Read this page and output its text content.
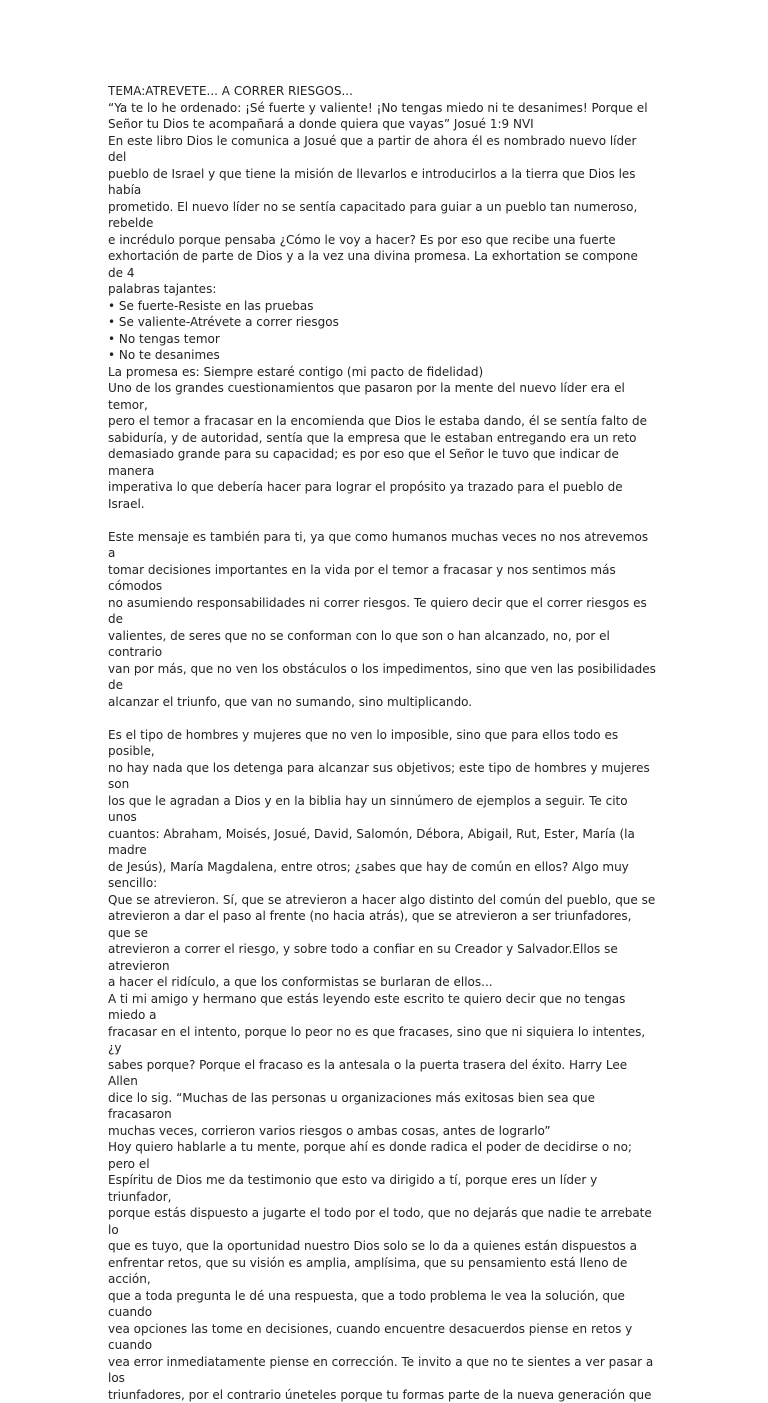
TEMA:ATREVETE... A CORRER RIESGOS...

“Ya te lo he ordenado: ¡Sé fuerte y valiente! ¡No tengas miedo ni te desanimes! Porque el

Señor tu Dios te acompañará a donde quiera que vayas” Josué 1:9 NVI

En este libro Dios le comunica a Josué que a partir de ahora él es nombrado nuevo líder del

pueblo de Israel y que tiene la misión de llevarlos e introducirlos a la tierra que Dios les había

prometido. El nuevo líder no se sentía capacitado para guiar a un pueblo tan numeroso, rebelde

e incrédulo porque pensaba ¿Cómo le voy a hacer? Es por eso que recibe una fuerte

exhortación de parte de Dios y a la vez una divina promesa. La exhortation se compone de 4

palabras tajantes:

• Se fuerte-Resiste en las pruebas

• Se valiente-Atrévete a correr riesgos

• No tengas temor

• No te desanimes

La promesa es: Siempre estaré contigo (mi pacto de fidelidad)

Uno de los grandes cuestionamientos que pasaron por la mente del nuevo líder era el temor,

pero el temor a fracasar en la encomienda que Dios le estaba dando, él se sentía falto de

sabiduría, y de autoridad, sentía que la empresa que le estaban entregando era un reto

demasiado grande para su capacidad; es por eso que el Señor le tuvo que indicar de manera

imperativa lo que debería hacer para lograr el propósito ya trazado para el pueblo de Israel.

Este mensaje es también para ti, ya que como humanos muchas veces no nos atrevemos a

tomar decisiones importantes en la vida por el temor a fracasar y nos sentimos más cómodos

no asumiendo responsabilidades ni correr riesgos. Te quiero decir que el correr riesgos es de

valientes, de seres que no se conforman con lo que son o han alcanzado, no, por el contrario

van por más, que no ven los obstáculos o los impedimentos, sino que ven las posibilidades de

alcanzar el triunfo, que van no sumando, sino multiplicando.

Es el tipo de hombres y mujeres que no ven lo imposible, sino que para ellos todo es posible,

no hay nada que los detenga para alcanzar sus objetivos; este tipo de hombres y mujeres son

los que le agradan a Dios y en la biblia hay un sinnúmero de ejemplos a seguir. Te cito unos

cuantos: Abraham, Moisés, Josué, David, Salomón, Débora, Abigail, Rut, Ester, María (la madre

de Jesús), María Magdalena, entre otros; ¿sabes que hay de común en ellos? Algo muy sencillo:

Que se atrevieron. Sí, que se atrevieron a hacer algo distinto del común del pueblo, que se

atrevieron a dar el paso al frente (no hacia atrás), que se atrevieron a ser triunfadores, que se

atrevieron a correr el riesgo, y sobre todo a confiar en su Creador y Salvador.Ellos se atrevieron

a hacer el ridículo, a que los conformistas se burlaran de ellos...

A ti mi amigo y hermano que estás leyendo este escrito te quiero decir que no tengas miedo a

fracasar en el intento, porque lo peor no es que fracases, sino que ni siquiera lo intentes, ¿y

sabes porque? Porque el fracaso es la antesala o la puerta trasera del éxito. Harry Lee Allen

dice lo sig. “Muchas de las personas u organizaciones más exitosas bien sea que fracasaron

muchas veces, corrieron varios riesgos o ambas cosas, antes de lograrlo”

Hoy quiero hablarle a tu mente, porque ahí es donde radica el poder de decidirse o no; pero el

Espíritu de Dios me da testimonio que esto va dirigido a tí, porque eres un líder y triunfador,

porque estás dispuesto a jugarte el todo por el todo, que no dejarás que nadie te arrebate lo

que es tuyo, que la oportunidad nuestro Dios solo se lo da a quienes están dispuestos a

enfrentar retos, que su visión es amplia, amplísima, que su pensamiento está lleno de acción,

que a toda pregunta le dé una respuesta, que a todo problema le vea la solución, que cuando

vea opciones las tome en decisiones, cuando encuentre desacuerdos piense en retos y cuando

vea error inmediatamente piense en corrección. Te invito a que no te sientes a ver pasar a los

triunfadores, por el contrario úneteles porque tu formas parte de la nueva generación que
